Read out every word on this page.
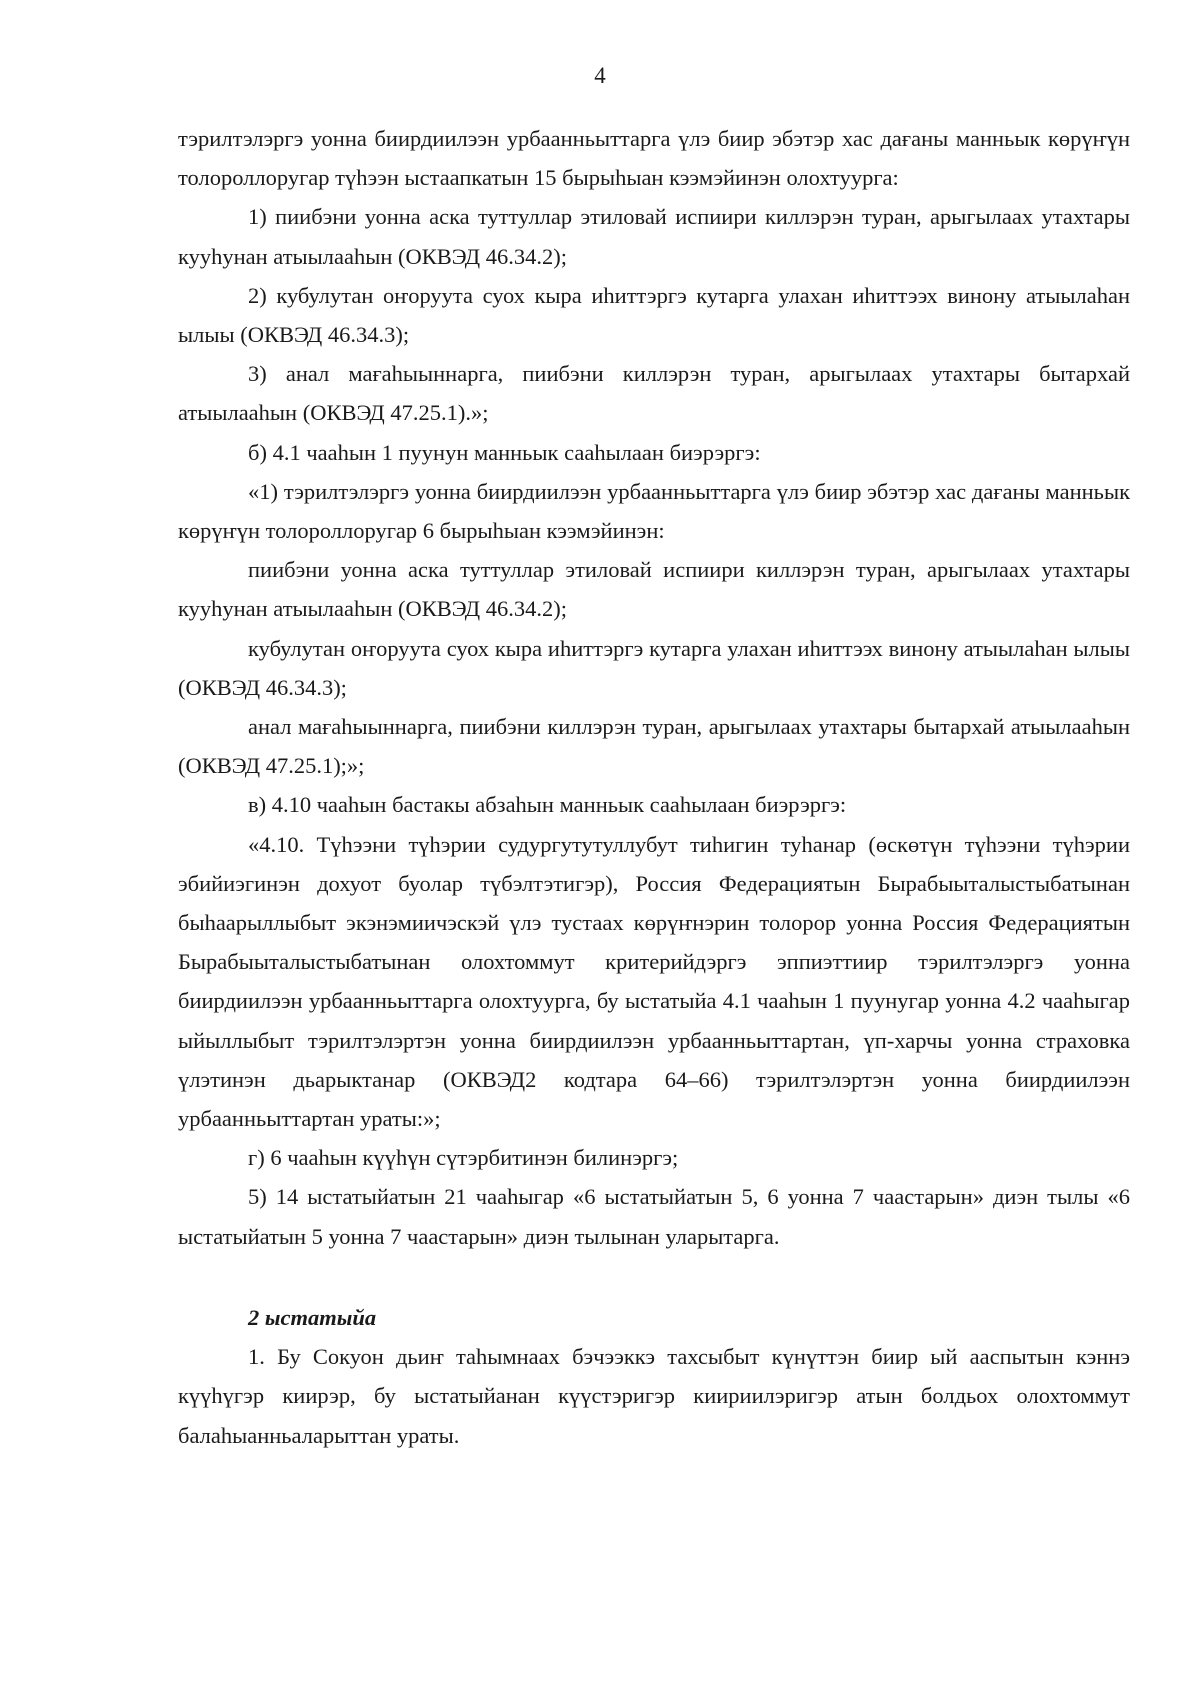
4

тэрилтэлэргэ уонна биирдиилээн урбаанньыттарга үлэ биир эбэтэр хас дағаны манньык көрүҥүн толороллоругар түһээн ыстаапкатын 15 бырыһыан кээмэйинэн олохтуурга:

1) пиибэни уонна аска туттуллар этиловай испиири киллэрэн туран, арыгылаах утахтары кууһунан атыылааһын (ОКВЭД 46.34.2);

2) кубулутан оҥоруута суох кыра иһиттэргэ кутарга улахан иһиттээх винону атыылаһан ылыы (ОКВЭД 46.34.3);

3) анал мағаһыыннарга, пиибэни киллэрэн туран, арыгылаах утахтары бытархай атыылааһын (ОКВЭД 47.25.1).»;

б) 4.1 чааһын 1 пуунун манньык сааһылаан биэрэргэ:

«1) тэрилтэлэргэ уонна биирдиилээн урбаанньыттарга үлэ биир эбэтэр хас дағаны манньык көрүҥүн толороллоругар 6 бырыһыан кээмэйинэн:

пиибэни уонна аска туттуллар этиловай испиири киллэрэн туран, арыгылаах утахтары кууһунан атыылааһын (ОКВЭД 46.34.2);

кубулутан оҥоруута суох кыра иһиттэргэ кутарга улахан иһиттээх винону атыылаһан ылыы (ОКВЭД 46.34.3);

анал мағаһыыннарга, пиибэни киллэрэн туран, арыгылаах утахтары бытархай атыылааһын (ОКВЭД 47.25.1);»;

в) 4.10 чааһын бастакы абзаһын манньык сааһылаан биэрэргэ:

«4.10. Түһээни түһэрии судургутутуллубут тиһигин туһанар (өскөтүн түһээни түһэрии эбийиэгинэн дохуот буолар түбэлтэтигэр), Россия Федерациятын Бырабыыталыстыбатынан быһаарыллыбыт экэнэмиичэскэй үлэ тустаах көрүҥнэрин толорор уонна Россия Федерациятын Бырабыыталыстыбатынан олохтоммут критерийдэргэ эппиэттиир тэрилтэлэргэ уонна биирдиилээн урбаанньыттарга олохтуурга, бу ыстатыйа 4.1 чааһын 1 пуунугар уонна 4.2 чааһыгар ыйыллыбыт тэрилтэлэртэн уонна биирдиилээн урбаанньыттартан, үп-харчы уонна страховка үлэтинэн дьарыктанар (ОКВЭД2 кодтара 64–66) тэрилтэлэртэн уонна биирдиилээн урбаанньыттартан ураты:»;

г) 6 чааһын күүһүн сүтэрбитинэн билинэргэ;

5) 14 ыстатыйатын 21 чааһыгар «6 ыстатыйатын 5, 6 уонна 7 чаастарын» диэн тылы «6 ыстатыйатын 5 уонна 7 чаастарын» диэн тылынан уларытарга.

2 ыстатыйа

1. Бу Сокуон дьиҥ таһымнаах бэчээккэ тахсыбыт күнүттэн биир ый ааспытын кэннэ күүһүгэр киирэр, бу ыстатыйанан күүстэригэр киириилэригэр атын болдьох олохтоммут балаһыанньаларыттан ураты.
